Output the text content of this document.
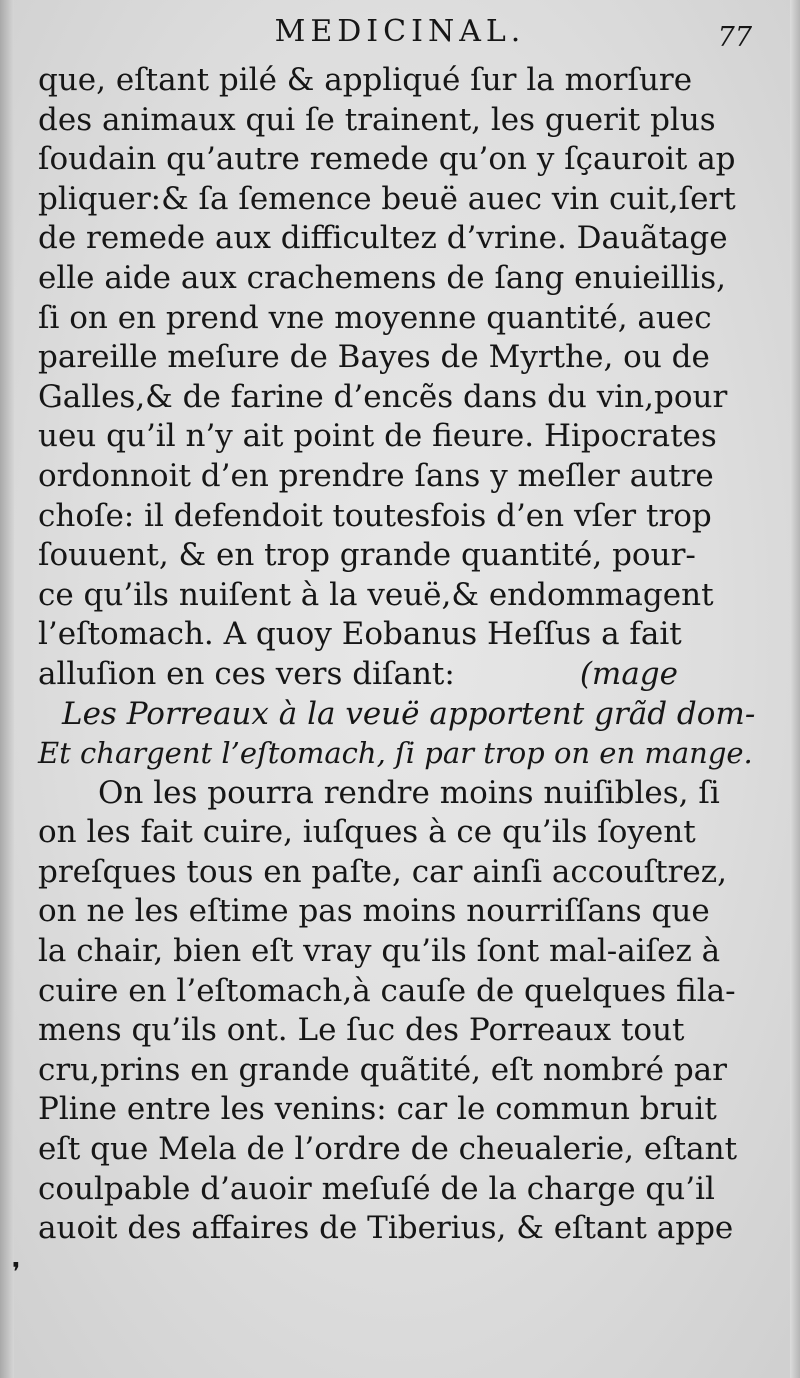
MEDICINAL.	77
que, eſtant pilé & appliqué ſur la morſure
des animaux qui ſe trainent, les guerit plus
ſoudain qu’autre remede qu’on y ſçauroit ap
pliquer:& ſa ſemence beuë auec vin cuit,ſert
de remede aux difficultez d’vrine. Dauãtage
elle aide aux crachemens de ſang enuieillis,
ſi on en prend vne moyenne quantité, auec
pareille meſure de Bayes de Myrthe, ou de
Galles,& de farine d’encẽs dans du vin,pour
ueu qu’il n’y ait point de fieure. Hipocrates
ordonnoit d’en prendre ſans y meſler autre
choſe: il defendoit toutesfois d’en vſer trop
ſouuent, & en trop grande quantité, pour-
ce qu’ils nuiſent à la veuë,& endommagent
l’eſtomach. A quoy Eobanus Heſſus a fait
alluſion en ces vers diſant:	(mage
Les Porreaux à la veuë apportent grãd dom-
Et chargent l’eſtomach, ſi par trop on en mange.
On les pourra rendre moins nuiſibles, ſi
on les fait cuire, iuſques à ce qu’ils ſoyent
preſques tous en paſte, car ainſi accouſtrez,
on ne les eſtime pas moins nourriſſans que
la chair, bien eſt vray qu’ils ſont mal-aiſez à
cuire en l’eſtomach,à cauſe de quelques fila-
mens qu’ils ont. Le ſuc des Porreaux tout
cru,prins en grande quãtité, eſt nombré par
Pline entre les venins: car le commun bruit
eſt que Mela de l’ordre de cheualerie, eſtant
coulpable d’auoir meſuſé de la charge qu’il
auoit des affaires de Tiberius, & eſtant appe
❜
